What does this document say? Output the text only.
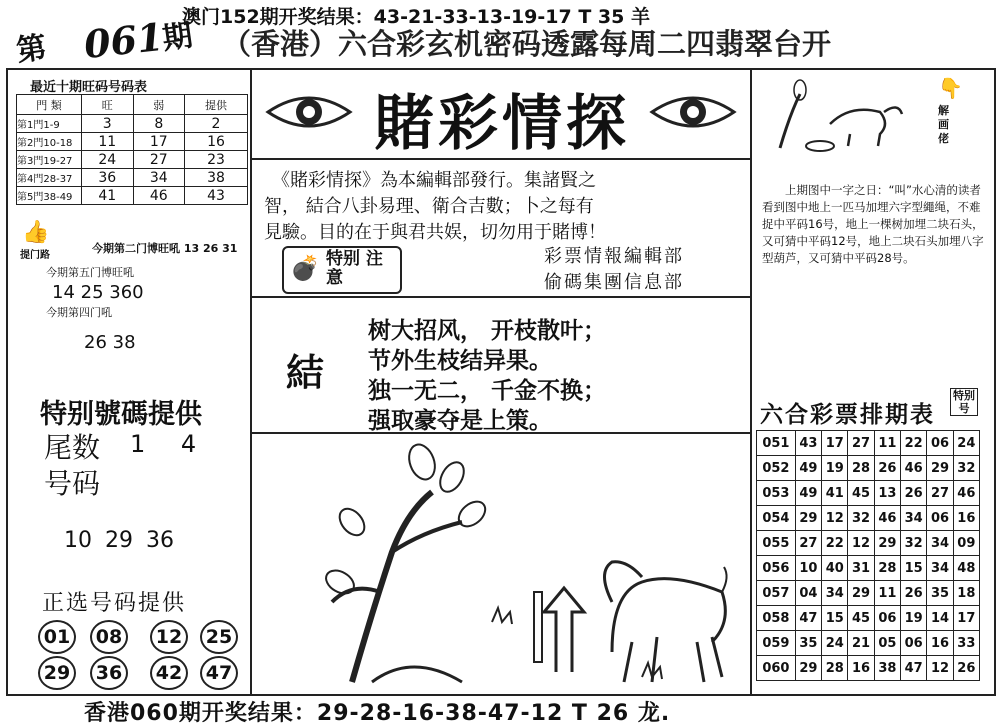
第 061
期
澳门152期开奖结果：43-21-33-13-19-17 T 35 羊
（香港）六合彩玄机密码透露每周二四翡翠台开
最近十期旺码号码表
門 類	旺	弱	提供
第1門1-9	3	8	2
第2門10-18	11	17	16
第3門19-27	24	27	23
第4門28-37	36	34	38
第5門38-49	41	46	43
👍
提门路
今期第二门博旺吼 13 26 31
今期第五门博旺吼
14 25 360
今期第四门吼
26 38
特别號碼提供
尾数 1 4
号码
10 29 36
正选号码提供
01	08	12	25
29	36	42	47
賭彩情探
《賭彩情探》為本編輯部發行。集諸賢之
智， 結合八卦易理、衛合吉數；卜之每有
見驗。目的在于與君共娱，切勿用于賭博！
💣 特别 注意
彩票情報編輯部
偷碼集團信息部
結
树大招风， 开枝散叶；
节外生枝结异果。
独一无二， 千金不换；
强取豪夺是上策。
解 画 佬
👇
上期图中一字之日：“叫”水心清的读者看到图中地上一匹马加埋六字型繩绳，不难捉中平码16号，地上一棵树加埋二块石头，又可猜中平码12号，地上二块石头加埋八字型葫芦，又可猜中平码28号。
六合彩票排期表
特别号
051	43	17	27	11	22	06	24
052	49	19	28	26	46	29	32
053	49	41	45	13	26	27	46
054	29	12	32	46	34	06	16
055	27	22	12	29	32	34	09
056	10	40	31	28	15	34	48
057	04	34	29	11	26	35	18
058	47	15	45	06	19	14	17
059	35	24	21	05	06	16	33
060	29	28	16	38	47	12	26
香港060期开奖结果：29-28-16-38-47-12 T 26 龙.
